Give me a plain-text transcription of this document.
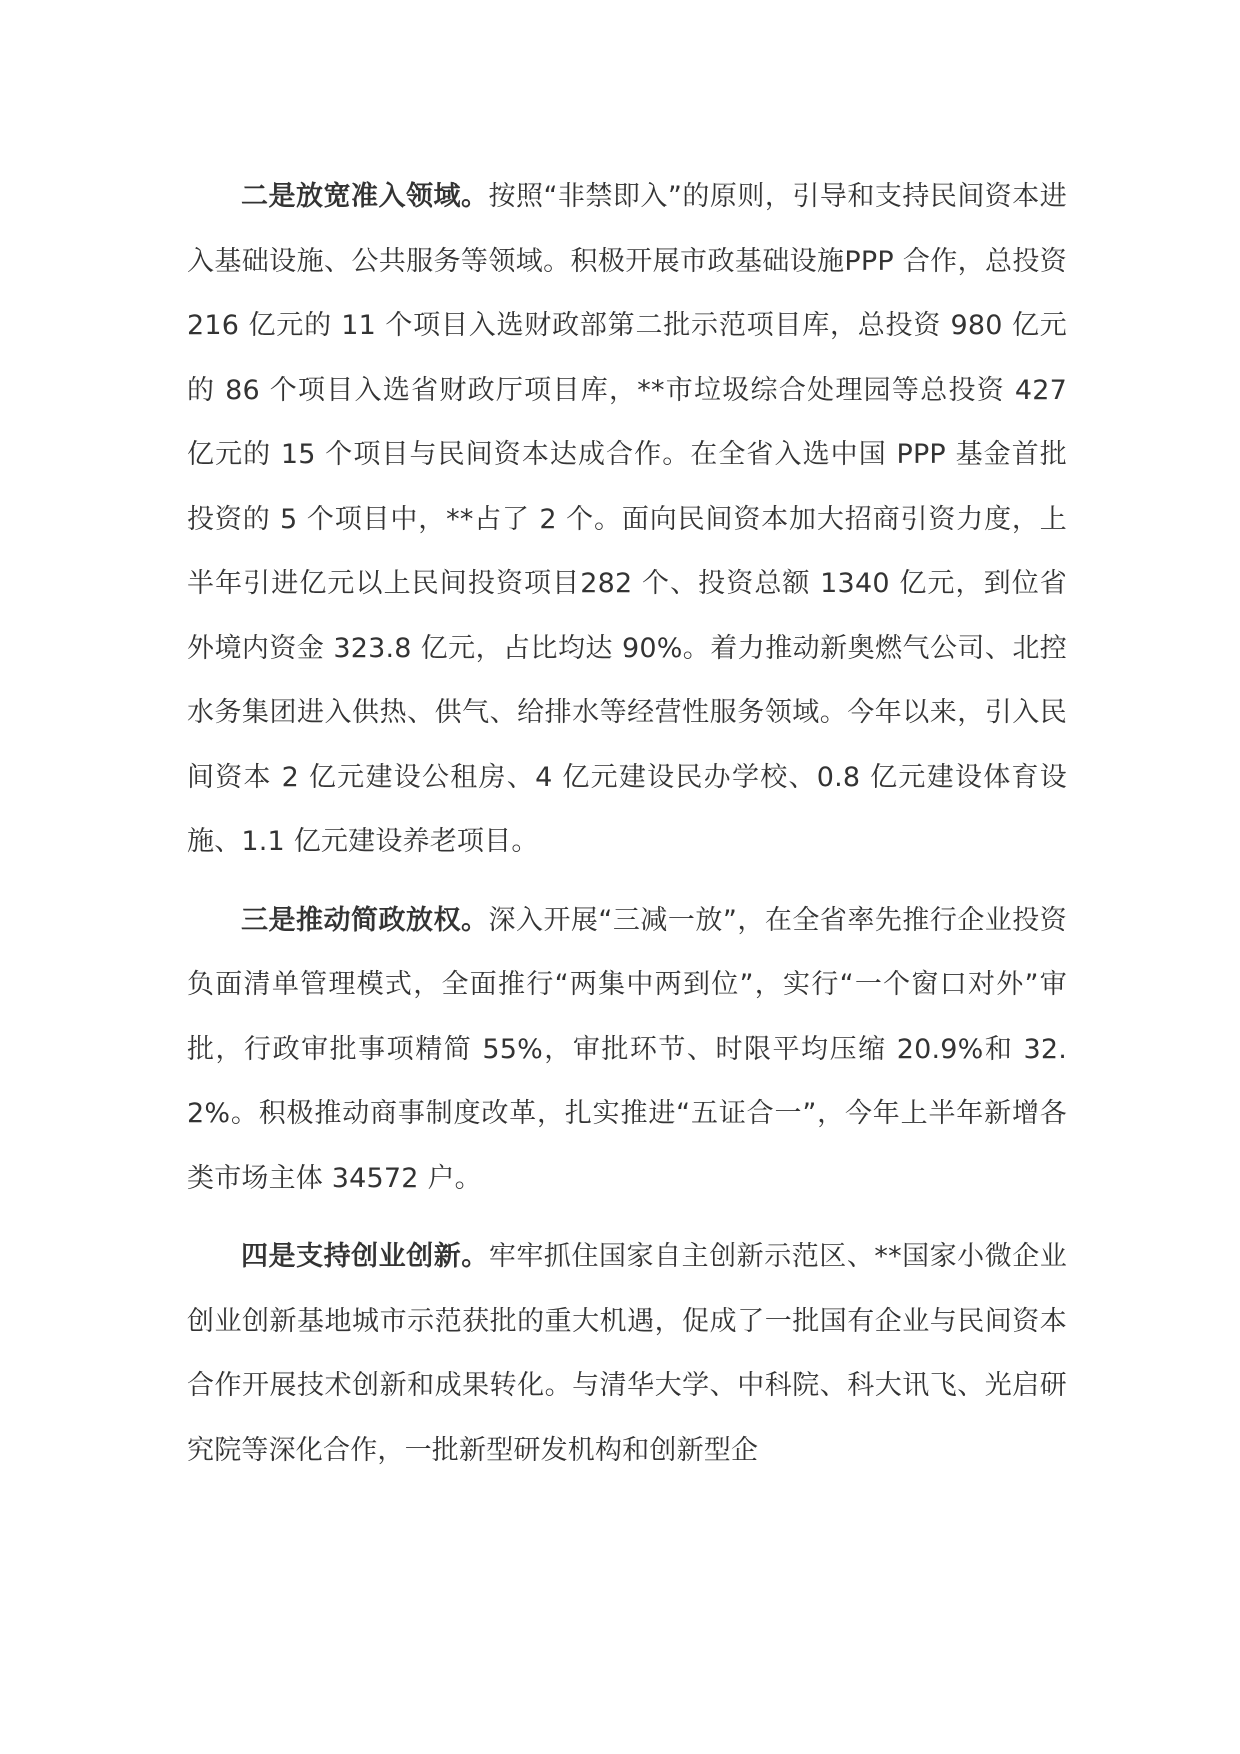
二是放宽准入领域。按照“非禁即入”的原则，引导和支持民间资本进入基础设施、公共服务等领域。积极开展市政基础设施PPP 合作，总投资 216 亿元的 11 个项目入选财政部第二批示范项目库，总投资 980 亿元的 86 个项目入选省财政厅项目库，**市垃圾综合处理园等总投资 427 亿元的 15 个项目与民间资本达成合作。在全省入选中国 PPP 基金首批投资的 5 个项目中，**占了 2 个。面向民间资本加大招商引资力度，上半年引进亿元以上民间投资项目282 个、投资总额 1340 亿元，到位省外境内资金 323.8 亿元，占比均达 90%。着力推动新奥燃气公司、北控水务集团进入供热、供气、给排水等经营性服务领域。今年以来，引入民间资本 2 亿元建设公租房、4 亿元建设民办学校、0.8 亿元建设体育设施、1.1 亿元建设养老项目。

三是推动简政放权。深入开展“三减一放”，在全省率先推行企业投资负面清单管理模式，全面推行“两集中两到位”，实行“一个窗口对外”审批，行政审批事项精简 55%，审批环节、时限平均压缩 20.9%和 32.2%。积极推动商事制度改革，扎实推进“五证合一”，今年上半年新增各类市场主体 34572 户。

四是支持创业创新。牢牢抓住国家自主创新示范区、**国家小微企业创业创新基地城市示范获批的重大机遇，促成了一批国有企业与民间资本合作开展技术创新和成果转化。与清华大学、中科院、科大讯飞、光启研究院等深化合作，一批新型研发机构和创新型企
